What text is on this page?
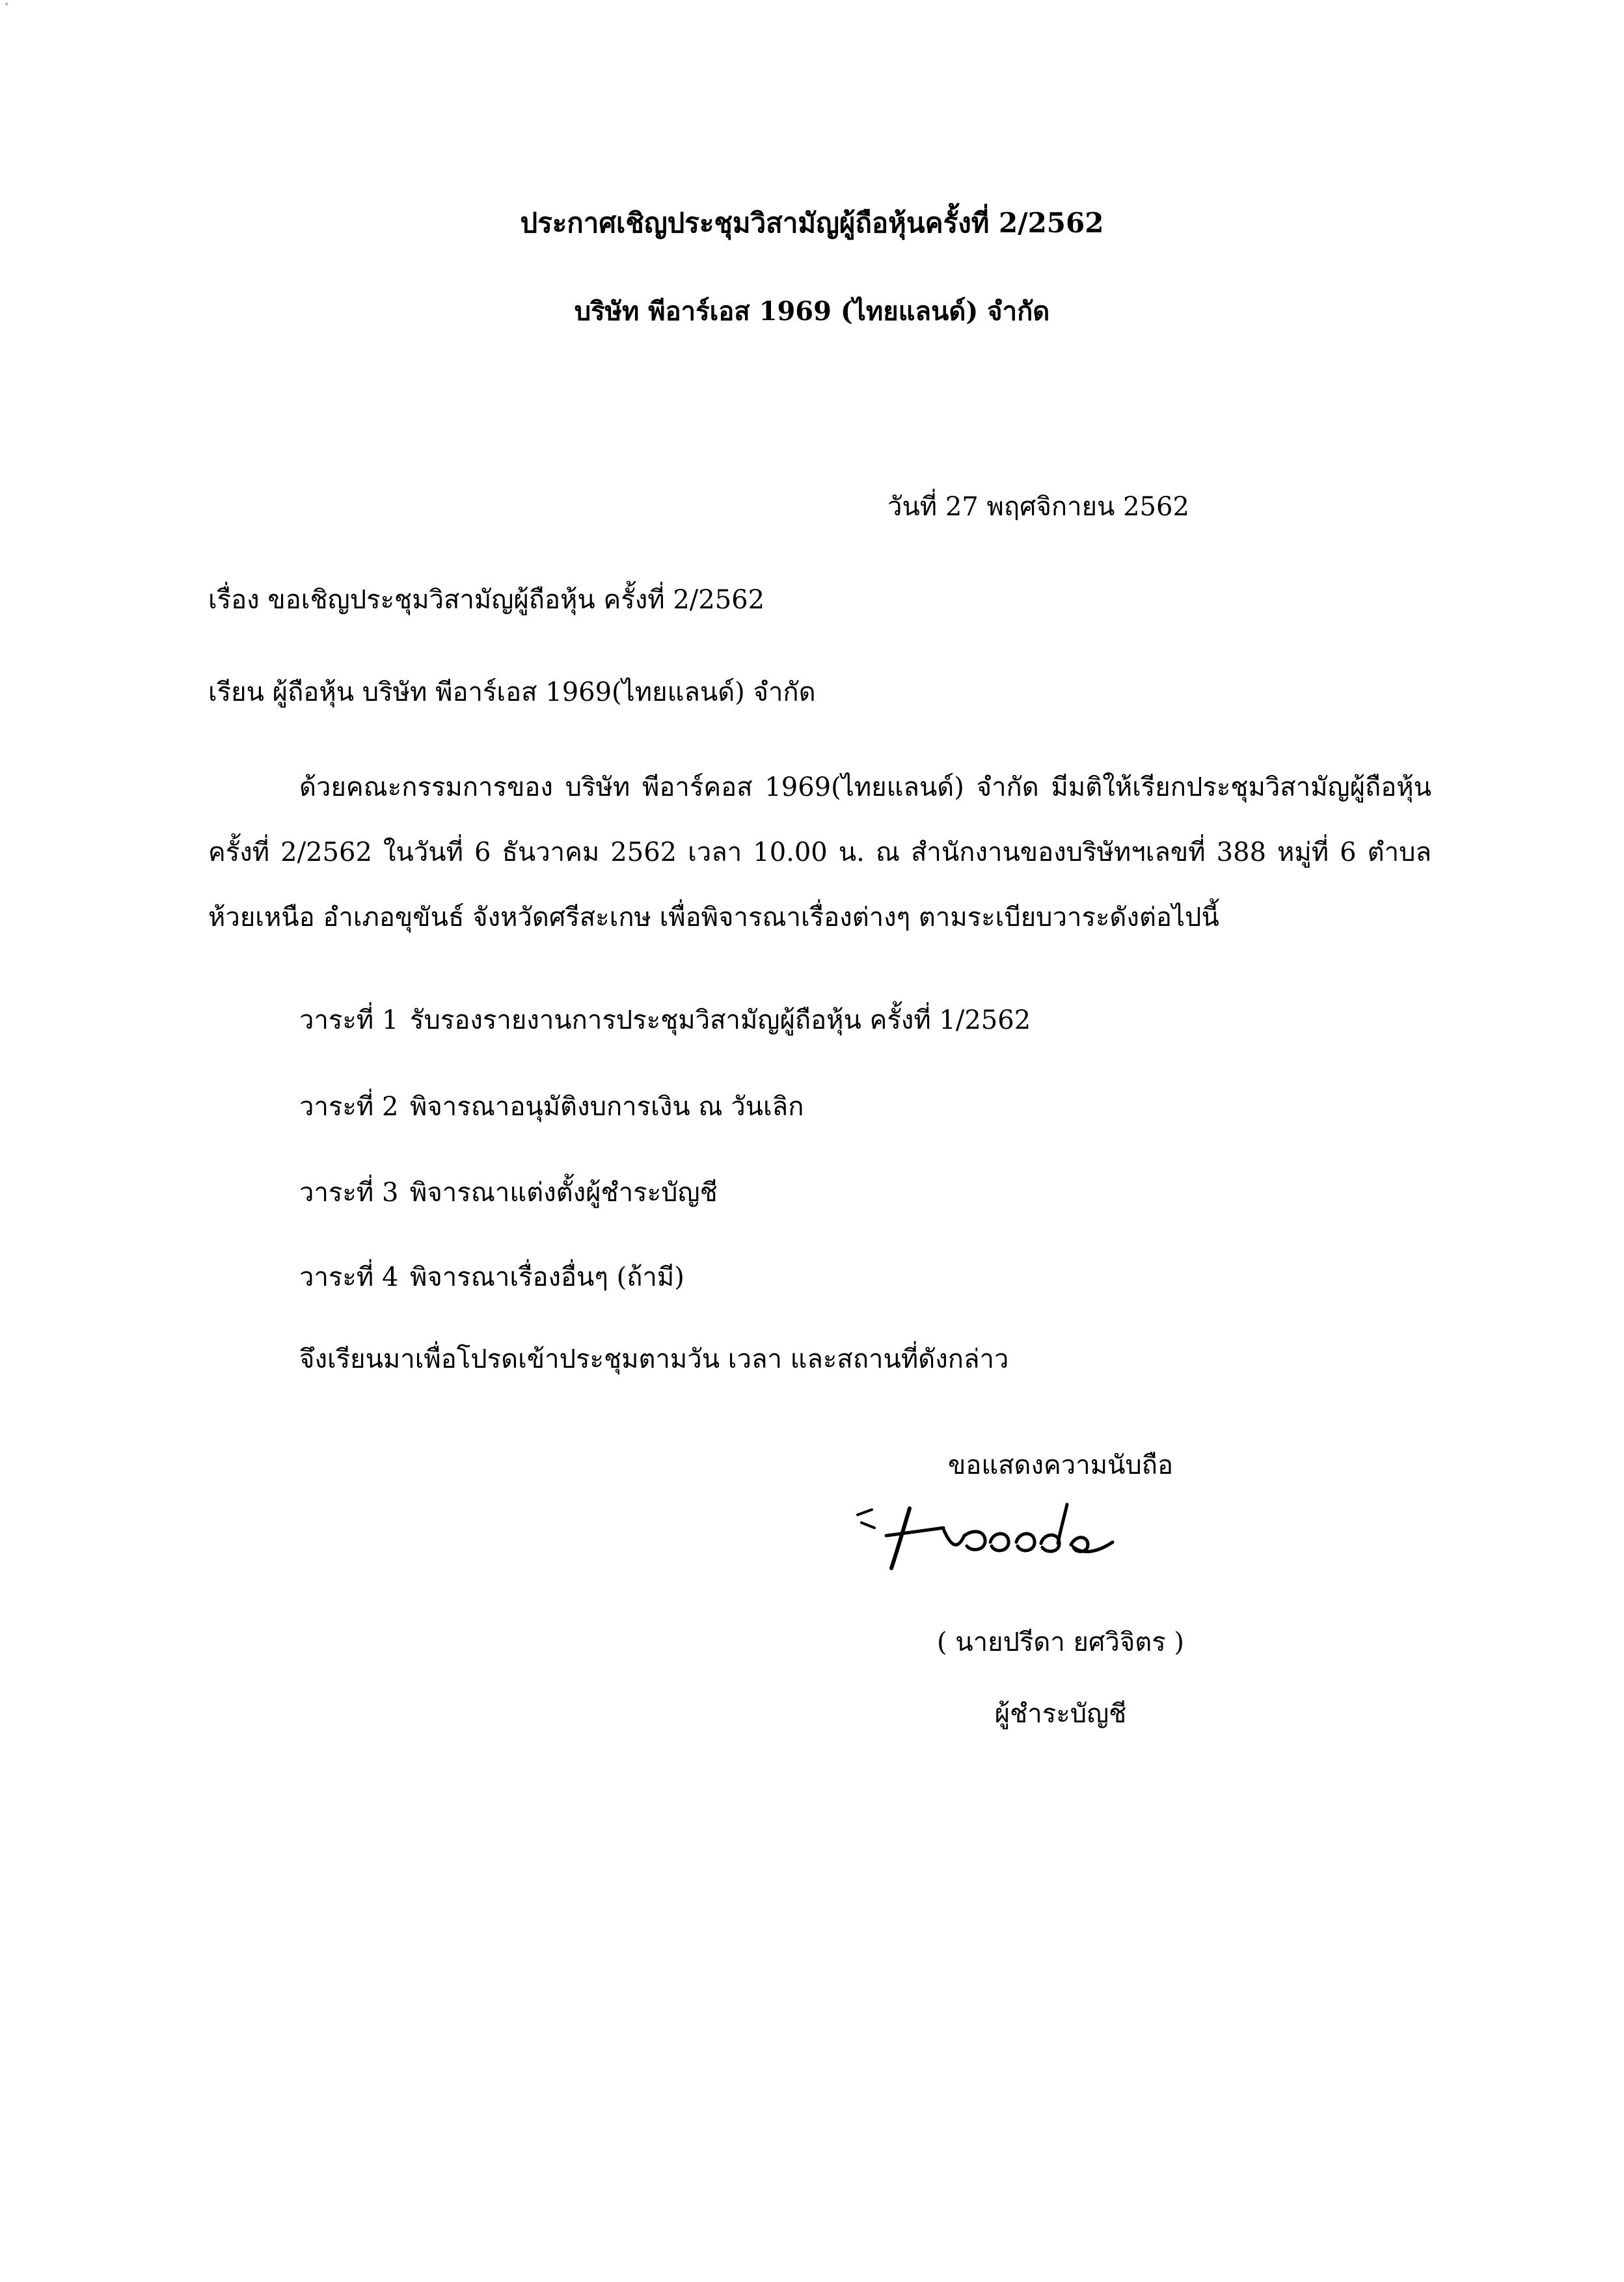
ประกาศเชิญประชุมวิสามัญผู้ถือหุ้นครั้งที่ 2/2562
บริษัท พีอาร์เอส 1969 (ไทยแลนด์) จำกัด
วันที่ 27 พฤศจิกายน 2562
เรื่อง ขอเชิญประชุมวิสามัญผู้ถือหุ้น ครั้งที่ 2/2562
เรียน ผู้ถือหุ้น บริษัท พีอาร์เอส 1969(ไทยแลนด์) จำกัด

ด้วยคณะกรรมการของ บริษัท พีอาร์คอส 1969(ไทยแลนด์) จำกัด มีมติให้เรียกประชุมวิสามัญผู้ถือหุ้นครั้งที่ 2/2562 ในวันที่ 6 ธันวาคม 2562 เวลา 10.00 น. ณ สำนักงานของบริษัทฯเลขที่ 388 หมู่ที่ 6 ตำบลห้วยเหนือ อำเภอขุขันธ์ จังหวัดศรีสะเกษ เพื่อพิจารณาเรื่องต่างๆ ตามระเบียบวาระดังต่อไปนี้

วาระที่ 1 รับรองรายงานการประชุมวิสามัญผู้ถือหุ้น ครั้งที่ 1/2562
วาระที่ 2 พิจารณาอนุมัติงบการเงิน ณ วันเลิก
วาระที่ 3 พิจารณาแต่งตั้งผู้ชำระบัญชี
วาระที่ 4 พิจารณาเรื่องอื่นๆ (ถ้ามี)
จึงเรียนมาเพื่อโปรดเข้าประชุมตามวัน เวลา และสถานที่ดังกล่าว
ขอแสดงความนับถือ
( นายปรีดา ยศวิจิตร )
ผู้ชำระบัญชี
